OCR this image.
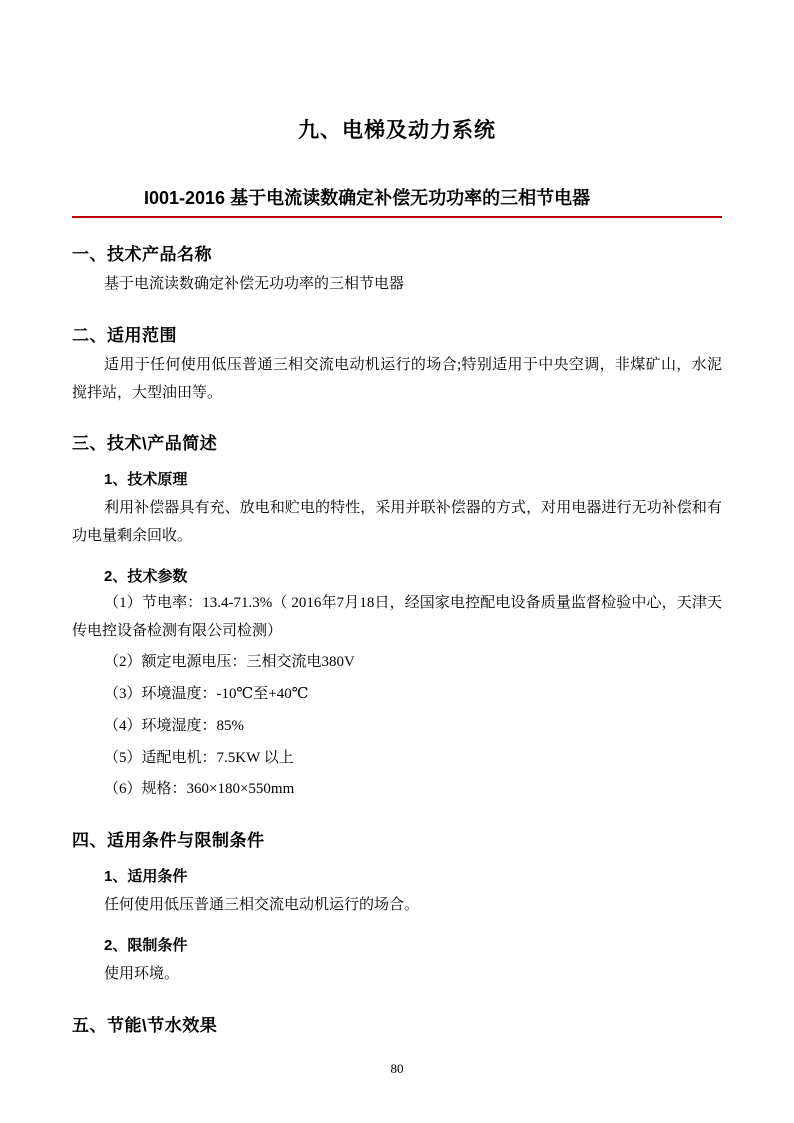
九、电梯及动力系统
I001-2016 基于电流读数确定补偿无功功率的三相节电器
一、技术产品名称

基于电流读数确定补偿无功功率的三相节电器

二、适用范围

适用于任何使用低压普通三相交流电动机运行的场合;特别适用于中央空调，非煤矿山，水泥搅拌站，大型油田等。

三、技术\产品简述
1、技术原理

利用补偿器具有充、放电和贮电的特性，采用并联补偿器的方式，对用电器进行无功补偿和有功电量剩余回收。

2、技术参数

（1）节电率：13.4-71.3%（ 2016年7月18日，经国家电控配电设备质量监督检验中心，天津天传电控设备检测有限公司检测）

（2）额定电源电压：三相交流电380V

（3）环境温度：-10℃至+40℃

（4）环境湿度：85%

（5）适配电机：7.5KW 以上

（6）规格：360×180×550mm

四、适用条件与限制条件
1、适用条件

任何使用低压普通三相交流电动机运行的场合。

2、限制条件

使用环境。

五、节能\节水效果
80
